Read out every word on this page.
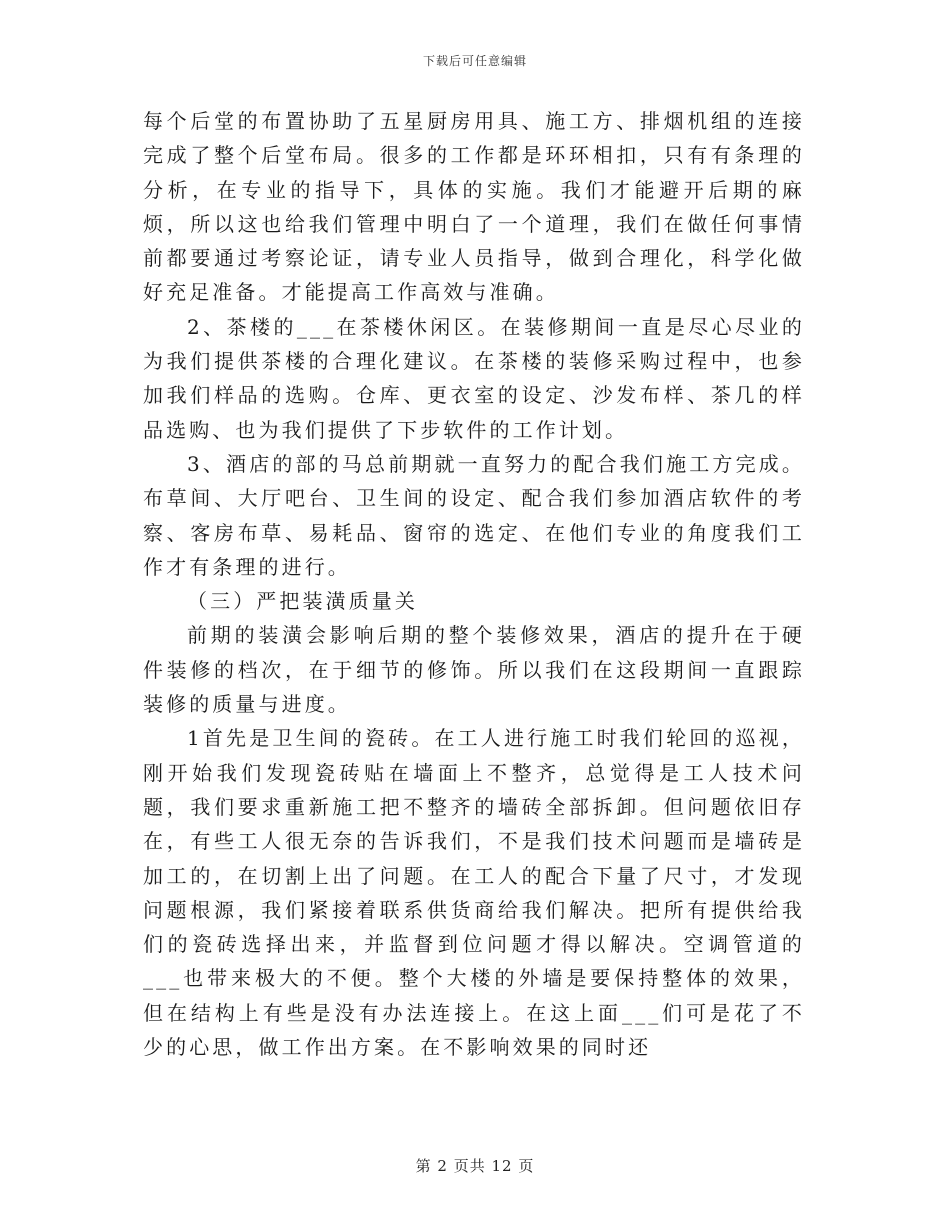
下载后可任意编辑

每个后堂的布置协助了五星厨房用具、施工方、排烟机组的连接完成了整个后堂布局。很多的工作都是环环相扣，只有有条理的分析，在专业的指导下，具体的实施。我们才能避开后期的麻烦，所以这也给我们管理中明白了一个道理，我们在做任何事情前都要通过考察论证，请专业人员指导，做到合理化，科学化做好充足准备。才能提高工作高效与准确。

2、茶楼的___在茶楼休闲区。在装修期间一直是尽心尽业的为我们提供茶楼的合理化建议。在茶楼的装修采购过程中，也参加我们样品的选购。仓库、更衣室的设定、沙发布样、茶几的样品选购、也为我们提供了下步软件的工作计划。

3、酒店的部的马总前期就一直努力的配合我们施工方完成。布草间、大厅吧台、卫生间的设定、配合我们参加酒店软件的考察、客房布草、易耗品、窗帘的选定、在他们专业的角度我们工作才有条理的进行。

（三）严把装潢质量关

前期的装潢会影响后期的整个装修效果，酒店的提升在于硬件装修的档次，在于细节的修饰。所以我们在这段期间一直跟踪装修的质量与进度。

1首先是卫生间的瓷砖。在工人进行施工时我们轮回的巡视，刚开始我们发现瓷砖贴在墙面上不整齐，总觉得是工人技术问题，我们要求重新施工把不整齐的墙砖全部拆卸。但问题依旧存在，有些工人很无奈的告诉我们，不是我们技术问题而是墙砖是加工的，在切割上出了问题。在工人的配合下量了尺寸，才发现问题根源，我们紧接着联系供货商给我们解决。把所有提供给我们的瓷砖选择出来，并监督到位问题才得以解决。空调管道的___也带来极大的不便。整个大楼的外墙是要保持整体的效果，但在结构上有些是没有办法连接上。在这上面___们可是花了不少的心思，做工作出方案。在不影响效果的同时还

第 2 页共 12 页
